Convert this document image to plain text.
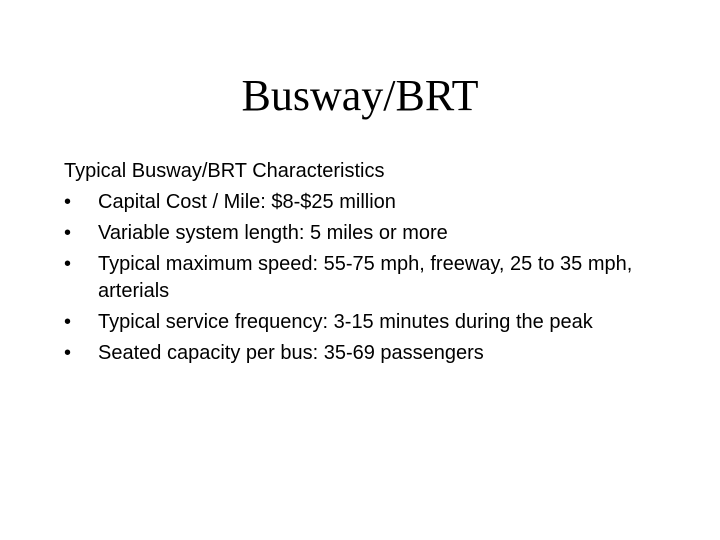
Busway/BRT
Typical Busway/BRT Characteristics
•	Capital Cost / Mile: $8-$25 million
•	Variable system length: 5 miles or more
•	Typical maximum speed: 55-75 mph, freeway, 25 to 35 mph, arterials
•	Typical service frequency: 3-15 minutes during the peak
•	Seated capacity per bus: 35-69 passengers
